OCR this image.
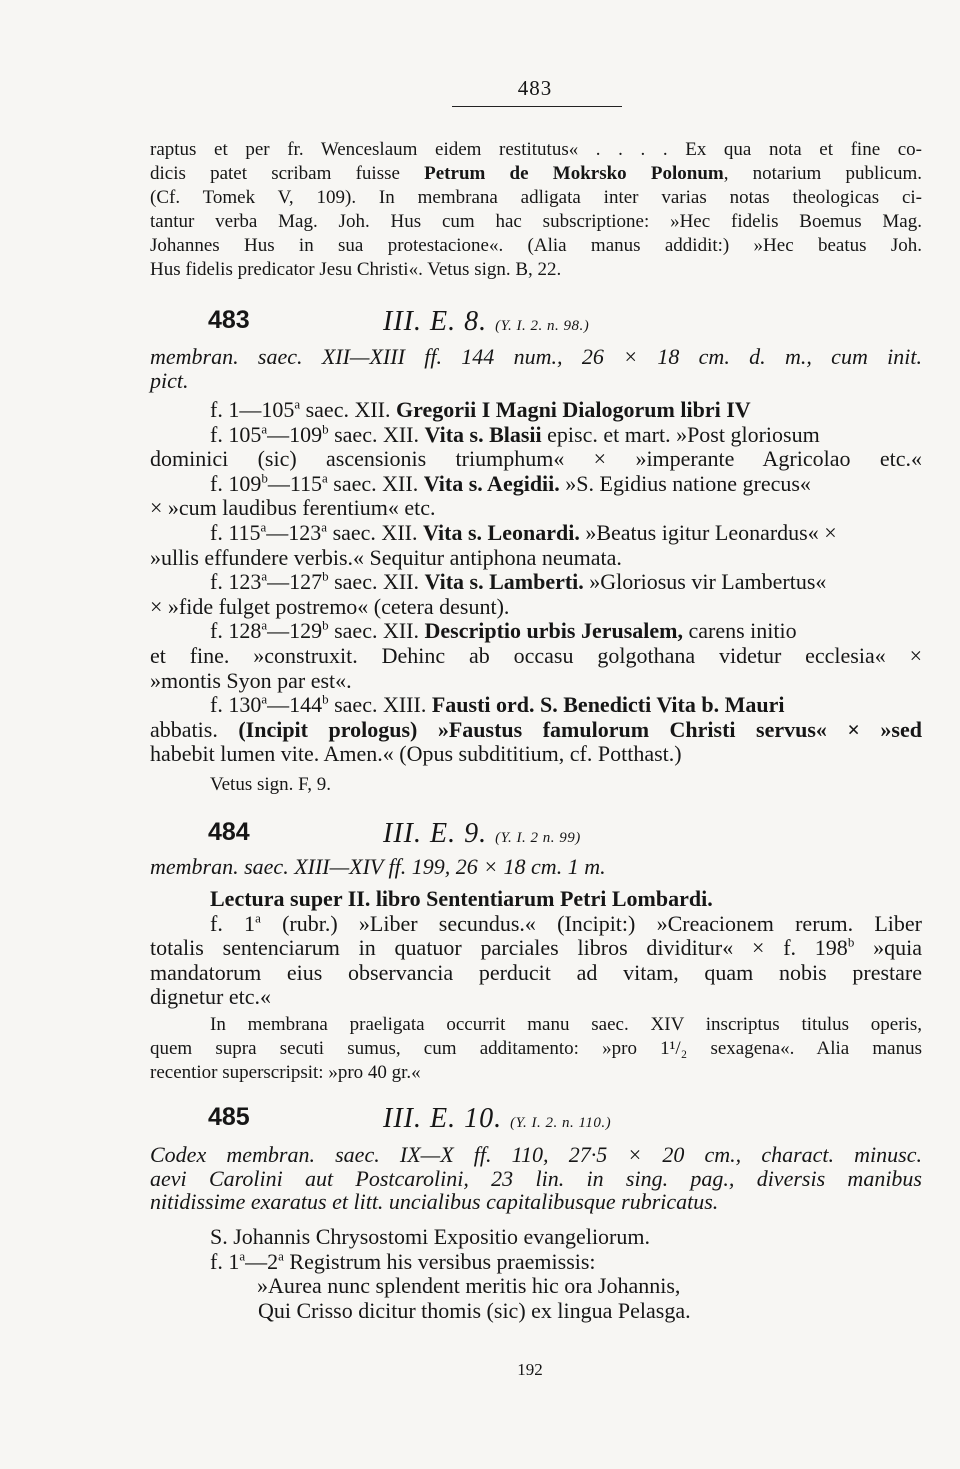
483
raptus et per fr. Wenceslaum eidem restitutus« . . . . Ex qua nota et fine co-
dicis patet scribam fuisse Petrum de Mokrsko Polonum, notarium publicum.
(Cf. Tomek V, 109). In membrana adligata inter varias notas theologicas ci-
tantur verba Mag. Joh. Hus cum hac subscriptione: »Hec fidelis Boemus Mag.
Johannes Hus in sua protestacione«. (Alia manus addidit:) »Hec beatus Joh.
Hus fidelis predicator Jesu Christi«. Vetus sign. B, 22.
483	III. E. 8. (Y. I. 2. n. 98.)
membran. saec. XII—XIII ff. 144 num., 26 × 18 cm. d. m., cum init.
pict.
f. 1—105$^a$ saec. XII. Gregorii I Magni Dialogorum libri IV
f. 105$^a$—109$^b$ saec. XII. Vita s. Blasii episc. et mart. »Post gloriosum
dominici (sic) ascensionis triumphum« × »imperante Agricolao etc.«
f. 109$^b$—115$^a$ saec. XII. Vita s. Aegidii. »S. Egidius natione grecus«
× »cum laudibus ferentium« etc.
f. 115$^a$—123$^a$ saec. XII. Vita s. Leonardi. »Beatus igitur Leonardus« ×
»ullis effundere verbis.« Sequitur antiphona neumata.
f. 123$^a$—127$^b$ saec. XII. Vita s. Lamberti. »Gloriosus vir Lambertus«
× »fide fulget postremo« (cetera desunt).
f. 128$^a$—129$^b$ saec. XII. Descriptio urbis Jerusalem, carens initio
et fine. »construxit. Dehinc ab occasu golgothana videtur ecclesia« ×
»montis Syon par est«.
f. 130$^a$—144$^b$ saec. XIII. Fausti ord. S. Benedicti Vita b. Mauri
abbatis. (Incipit prologus) »Faustus famulorum Christi servus« × »sed
habebit lumen vite. Amen.« (Opus subdititium, cf. Potthast.)
Vetus sign. F, 9.
484	III. E. 9. (Y. I. 2 n. 99)
membran. saec. XIII—XIV ff. 199, 26 × 18 cm. 1 m.
Lectura super II. libro Sententiarum Petri Lombardi.
f. 1$^a$ (rubr.) »Liber secundus.« (Incipit:) »Creacionem rerum. Liber
totalis sentenciarum in quatuor parciales libros dividitur« × f. 198$^b$ »quia
mandatorum eius observancia perducit ad vitam, quam nobis prestare
dignetur etc.«
In membrana praeligata occurrit manu saec. XIV inscriptus titulus operis,
quem supra secuti sumus, cum additamento: »pro 1¹/₂ sexagena«. Alia manus
recentior superscripsit: »pro 40 gr.«
485	III. E. 10. (Y. I. 2. n. 110.)
Codex membran. saec. IX—X ff. 110, 27·5 × 20 cm., charact. minusc.
aevi Carolini aut Postcarolini, 23 lin. in sing. pag., diversis manibus
nitidissime exaratus et litt. uncialibus capitalibusque rubricatus.
S. Johannis Chrysostomi Expositio evangeliorum.
f. 1$^a$—2$^a$ Registrum his versibus praemissis:
»Aurea nunc splendent meritis hic ora Johannis,
Qui Crisso dicitur thomis (sic) ex lingua Pelasga.
192
